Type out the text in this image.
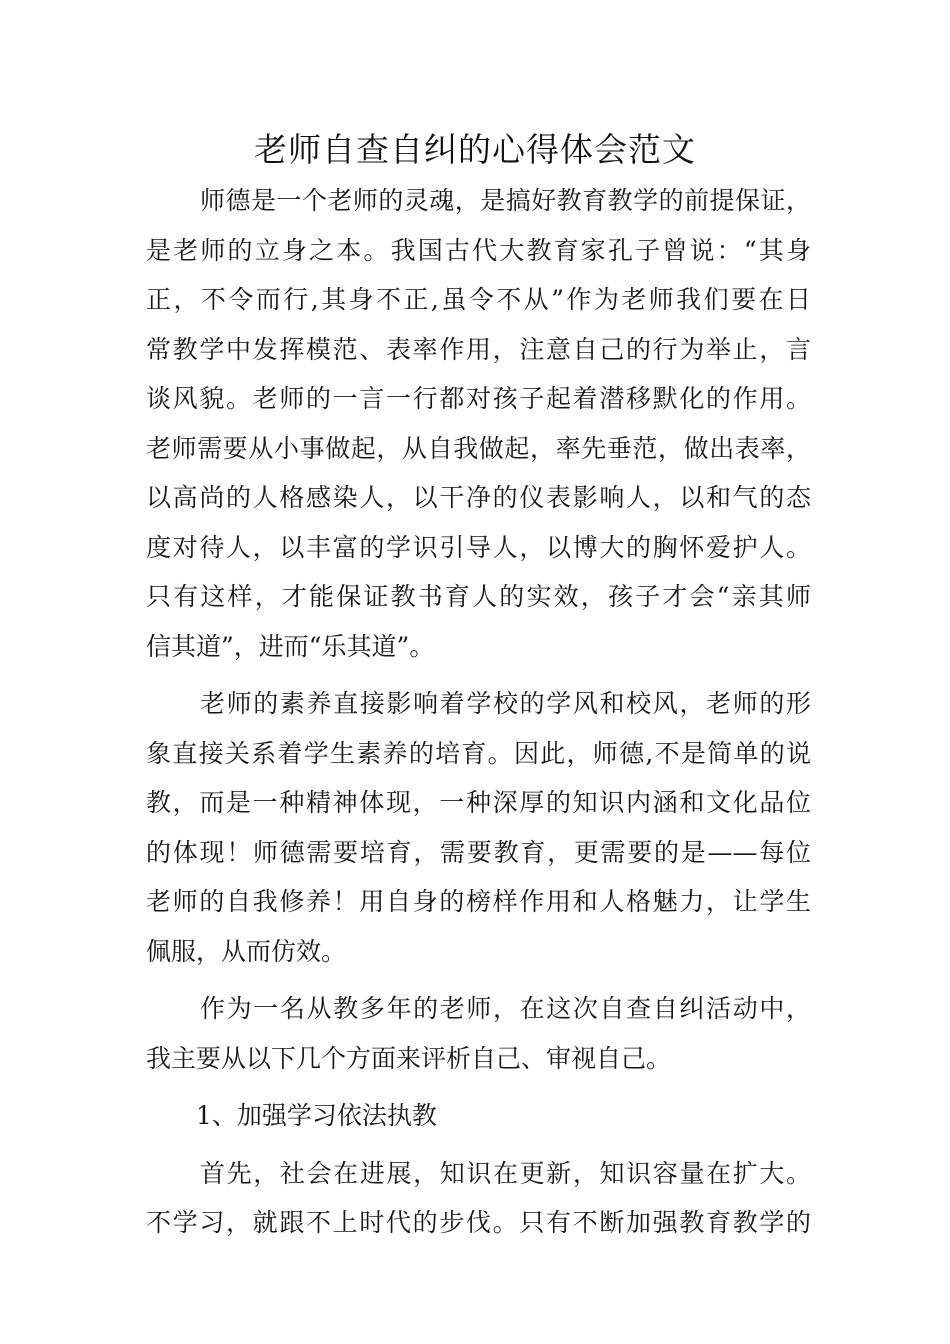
老师自查自纠的心得体会范文
师德是一个老师的灵魂，是搞好教育教学的前提保证，
是老师的立身之本。我国古代大教育家孔子曾说：“其身
正，不令而行,其身不正,虽令不从”作为老师我们要在日
常教学中发挥模范、表率作用，注意自己的行为举止，言
谈风貌。老师的一言一行都对孩子起着潜移默化的作用。
老师需要从小事做起，从自我做起，率先垂范，做出表率，
以高尚的人格感染人，以干净的仪表影响人，以和气的态
度对待人，以丰富的学识引导人，以博大的胸怀爱护人。
只有这样，才能保证教书育人的实效，孩子才会“亲其师
信其道”，进而“乐其道”。
老师的素养直接影响着学校的学风和校风，老师的形
象直接关系着学生素养的培育。因此，师德,不是简单的说
教，而是一种精神体现，一种深厚的知识内涵和文化品位
的体现！师德需要培育，需要教育，更需要的是——每位
老师的自我修养！用自身的榜样作用和人格魅力，让学生
佩服，从而仿效。
作为一名从教多年的老师，在这次自查自纠活动中，
我主要从以下几个方面来评析自己、审视自己。
1、加强学习依法执教
首先，社会在进展，知识在更新，知识容量在扩大。
不学习，就跟不上时代的步伐。只有不断加强教育教学的
